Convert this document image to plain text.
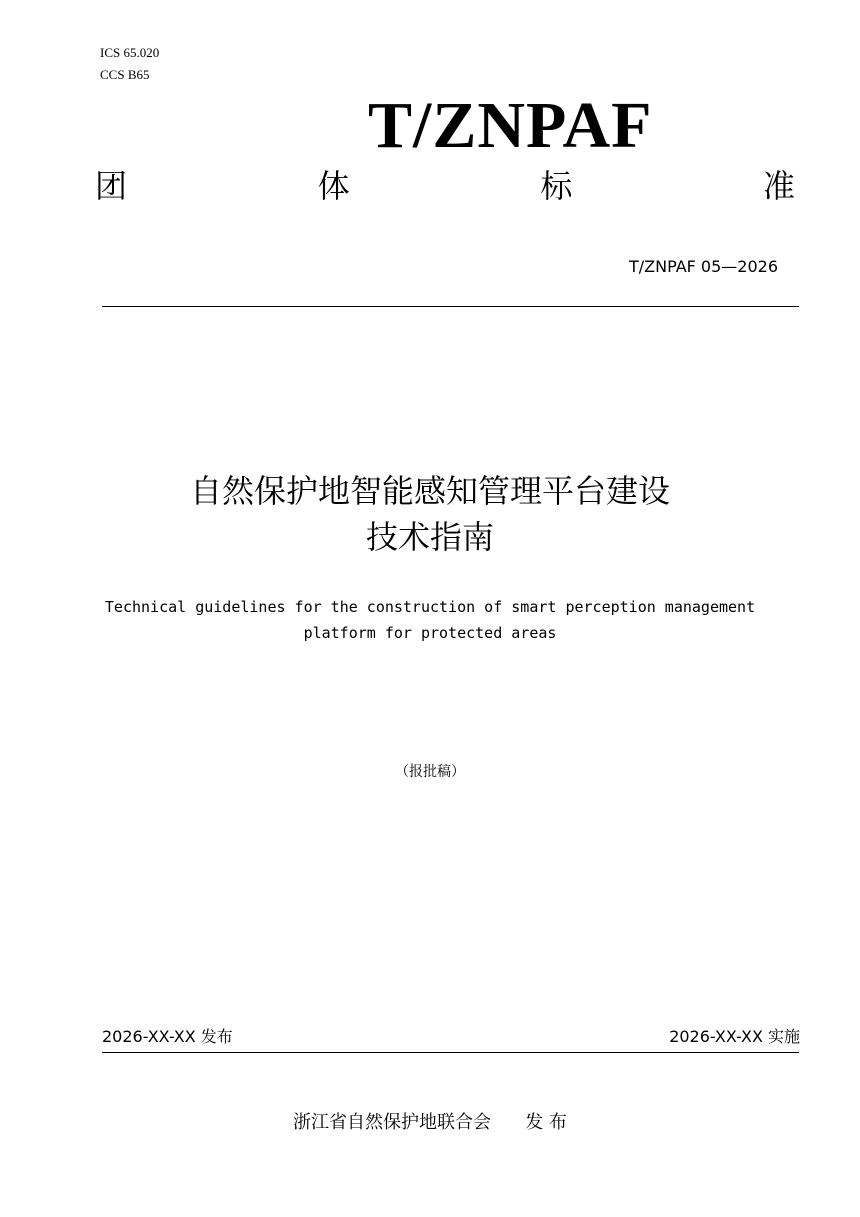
ICS 65.020
CCS B65
T/ZNPAF
团	体	标	准
T/ZNPAF 05—2026
自然保护地智能感知管理平台建设
技术指南
Technical guidelines for the construction of smart perception management
platform for protected areas
（报批稿）
2026-XX-XX 发布	2026-XX-XX 实施
浙江省自然保护地联合会      发 布
